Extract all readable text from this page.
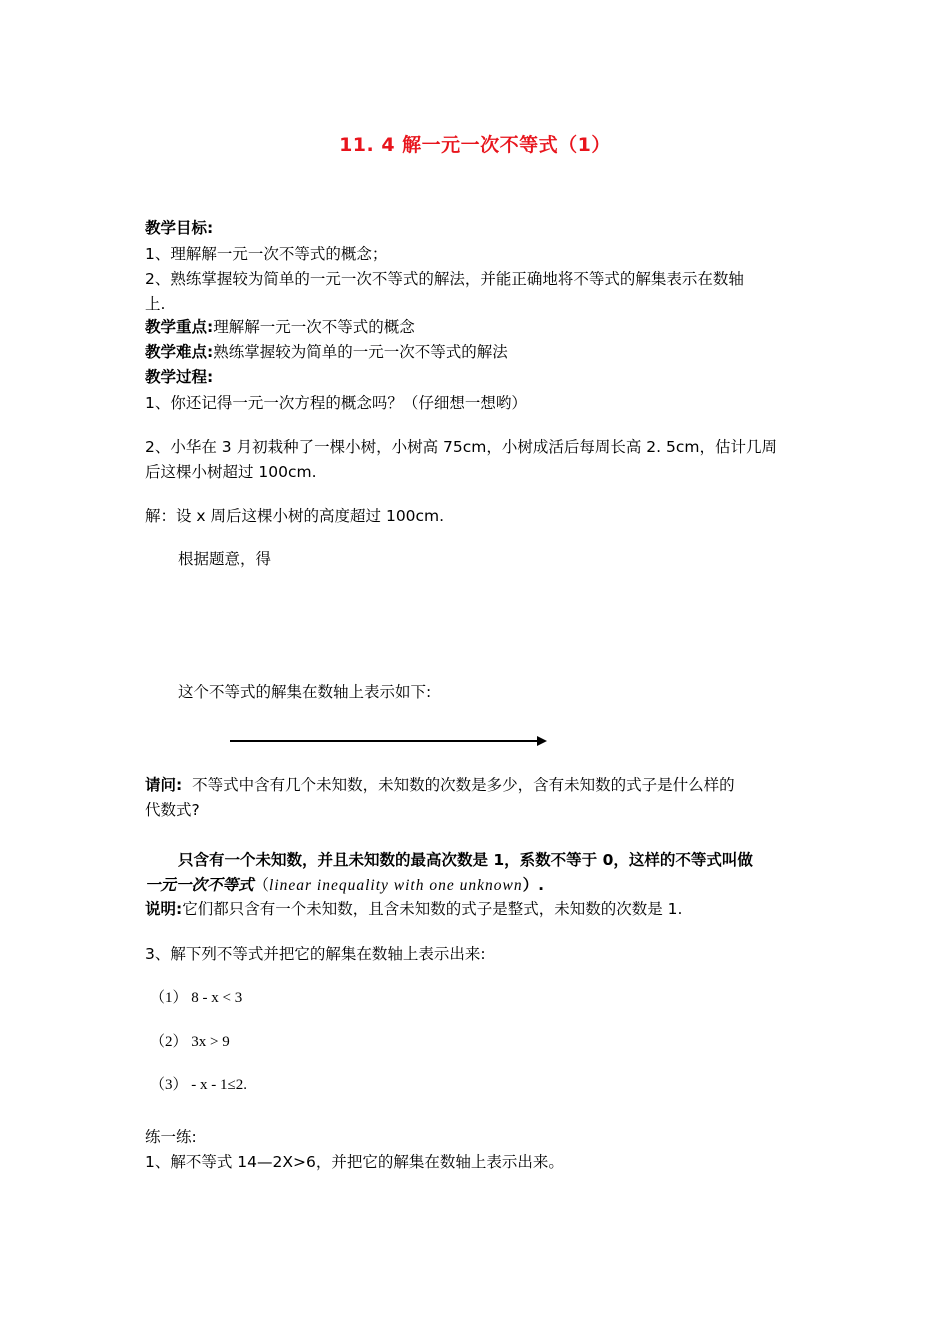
11. 4 解一元一次不等式（1）
教学目标:
1、理解解一元一次不等式的概念；
2、熟练掌握较为简单的一元一次不等式的解法，并能正确地将不等式的解集表示在数轴
上.
教学重点:理解解一元一次不等式的概念
教学难点:熟练掌握较为简单的一元一次不等式的解法
教学过程:
1、你还记得一元一次方程的概念吗？（仔细想一想哟）
2、小华在 3 月初栽种了一棵小树，小树高 75cm，小树成活后每周长高 2. 5cm，估计几周
后这棵小树超过 100cm.
解：设 x 周后这棵小树的高度超过 100cm.
根据题意，得
这个不等式的解集在数轴上表示如下:
请问: 不等式中含有几个未知数，未知数的次数是多少，含有未知数的式子是什么样的
代数式?
只含有一个未知数，并且未知数的最高次数是 1，系数不等于 0，这样的不等式叫做
一元一次不等式（linear inequality with one unknown）.
说明:它们都只含有一个未知数，且含未知数的式子是整式，未知数的次数是 1.
3、解下列不等式并把它的解集在数轴上表示出来:
（1） 8 - x < 3
（2） 3x > 9
（3） - x - 1≤2.
练一练:
1、解不等式 14—2X>6，并把它的解集在数轴上表示出来。
